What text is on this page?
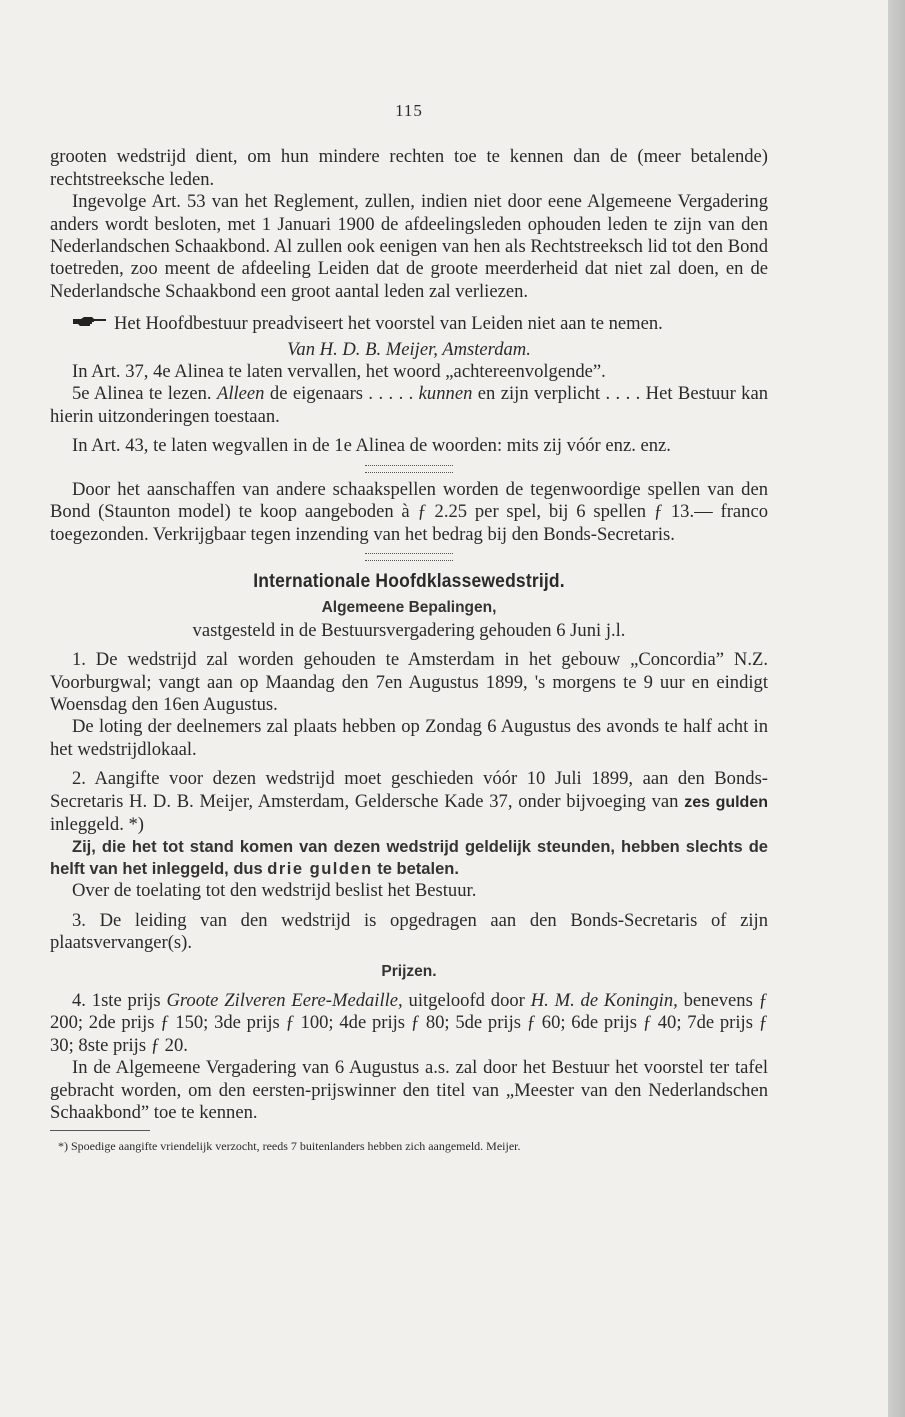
115

grooten wedstrijd dient, om hun mindere rechten toe te kennen dan de (meer betalende) rechtstreeksche leden.

Ingevolge Art. 53 van het Reglement, zullen, indien niet door eene Algemeene Vergadering anders wordt besloten, met 1 Januari 1900 de afdeelingsleden ophouden leden te zijn van den Nederlandschen Schaakbond. Al zullen ook eenigen van hen als Rechtstreeksch lid tot den Bond toetreden, zoo meent de afdeeling Leiden dat de groote meerderheid dat niet zal doen, en de Nederlandsche Schaakbond een groot aantal leden zal verliezen.

Het Hoofdbestuur preadviseert het voorstel van Leiden niet aan te nemen.

Van H. D. B. Meijer, Amsterdam.

In Art. 37, 4e Alinea te laten vervallen, het woord „achtereenvolgende”.

5e Alinea te lezen. Alleen de eigenaars . . . . . kunnen en zijn verplicht . . . . Het Bestuur kan hierin uitzonderingen toestaan.

In Art. 43, te laten wegvallen in de 1e Alinea de woorden: mits zij vóór enz. enz.

Door het aanschaffen van andere schaakspellen worden de tegenwoordige spellen van den Bond (Staunton model) te koop aangeboden à ƒ 2.25 per spel, bij 6 spellen ƒ 13.— franco toegezonden. Verkrijgbaar tegen inzending van het bedrag bij den Bonds-Secretaris.

Internationale Hoofdklassewedstrijd.
Algemeene Bepalingen,

vastgesteld in de Bestuursvergadering gehouden 6 Juni j.l.

1. De wedstrijd zal worden gehouden te Amsterdam in het gebouw „Concordia” N.Z. Voorburgwal; vangt aan op Maandag den 7en Augustus 1899, 's morgens te 9 uur en eindigt Woensdag den 16en Augustus.

De loting der deelnemers zal plaats hebben op Zondag 6 Augustus des avonds te half acht in het wedstrijdlokaal.

2. Aangifte voor dezen wedstrijd moet geschieden vóór 10 Juli 1899, aan den Bonds-Secretaris H. D. B. Meijer, Amsterdam, Geldersche Kade 37, onder bijvoeging van zes gulden inleggeld. *)

Zij, die het tot stand komen van dezen wedstrijd geldelijk steunden, hebben slechts de helft van het inleggeld, dus drie gulden te betalen.

Over de toelating tot den wedstrijd beslist het Bestuur.

3. De leiding van den wedstrijd is opgedragen aan den Bonds-Secretaris of zijn plaatsvervanger(s).

Prijzen.

4. 1ste prijs Groote Zilveren Eere-Medaille, uitgeloofd door H. M. de Koningin, benevens ƒ 200; 2de prijs ƒ 150; 3de prijs ƒ 100; 4de prijs ƒ 80; 5de prijs ƒ 60; 6de prijs ƒ 40; 7de prijs ƒ 30; 8ste prijs ƒ 20.

In de Algemeene Vergadering van 6 Augustus a.s. zal door het Bestuur het voorstel ter tafel gebracht worden, om den eersten-prijswinner den titel van „Meester van den Nederlandschen Schaakbond” toe te kennen.

*) Spoedige aangifte vriendelijk verzocht, reeds 7 buitenlanders hebben zich aangemeld. Meijer.
